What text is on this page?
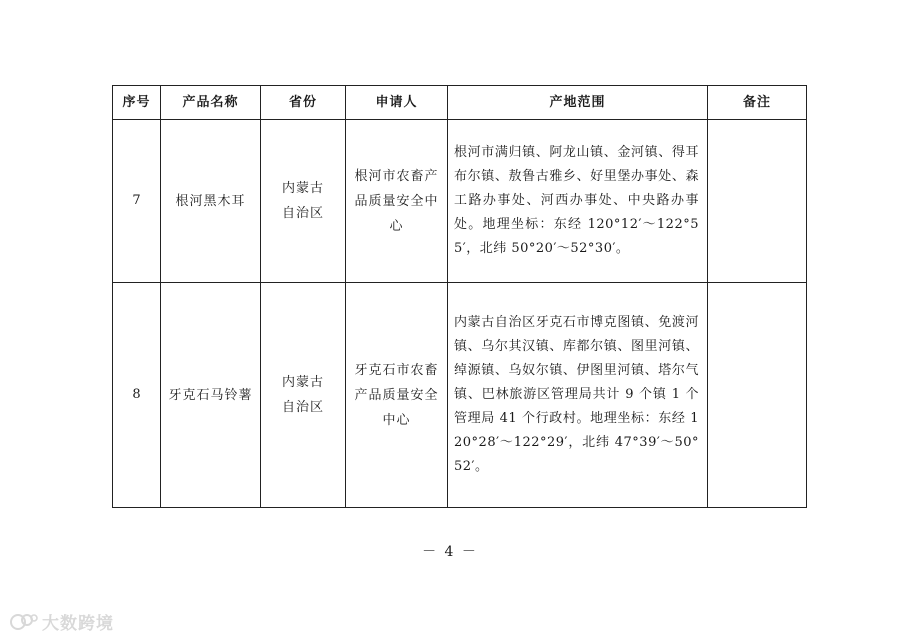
序号	产品名称	省份	申请人	产地范围	备注
7	根河黑木耳	内蒙古自治区	根河市农畜产品质量安全中心	根河市满归镇、阿龙山镇、金河镇、得耳布尔镇、敖鲁古雅乡、好里堡办事处、森工路办事处、河西办事处、中央路办事处。地理坐标：东经 120°12′～122°55′，北纬 50°20′～52°30′。	
8	牙克石马铃薯	内蒙古自治区	牙克石市农畜产品质量安全中心	内蒙古自治区牙克石市博克图镇、免渡河镇、乌尔其汉镇、库都尔镇、图里河镇、绰源镇、乌奴尔镇、伊图里河镇、塔尔气镇、巴林旅游区管理局共计 9 个镇 1 个管理局 41 个行政村。地理坐标：东经 120°28′～122°29′，北纬 47°39′～50°52′。	
－ 4 －
大数跨境
